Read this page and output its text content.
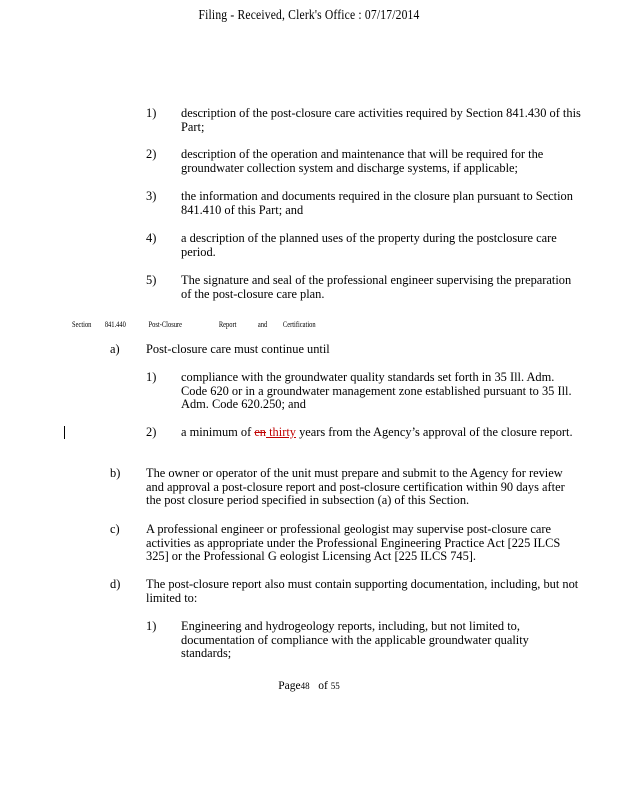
Filing - Received, Clerk's Office : 07/17/2014
1) description of the post-closure care activities required by Section 841.430 of this Part;
2) description of the operation and maintenance that will be required for the groundwater collection system and discharge systems, if applicable;
3) the information and documents required in the closure plan pursuant to Section 841.410 of this Part; and
4) a description of the planned uses of the property during the postclosure care period.
5) The signature and seal of the professional engineer supervising the preparation of the post-closure care plan.
Section 841.440	Post-Closure	Report	and Certification
a) Post-closure care must continue until
1) compliance with the groundwater quality standards set forth in 35 Ill. Adm. Code 620 or in a groundwater management zone established pursuant to 35 Ill. Adm. Code 620.250; and
2) a minimum of en thirty years from the Agency’s approval of the closure report.
b) The owner or operator of the unit must prepare and submit to the Agency for review and approval a post-closure report and post-closure certification within 90 days after the post closure period specified in subsection (a) of this Section.
c) A professional engineer or professional geologist may supervise post-closure care activities as appropriate under the Professional Engineering Practice Act [225 ILCS 325] or the Professional G eologist Licensing Act [225 ILCS 745].
d) The post-closure report also must contain supporting documentation, including, but not limited to:
1) Engineering and hydrogeology reports, including, but not limited to, documentation of compliance with the applicable groundwater quality standards;
Page48 of 55
